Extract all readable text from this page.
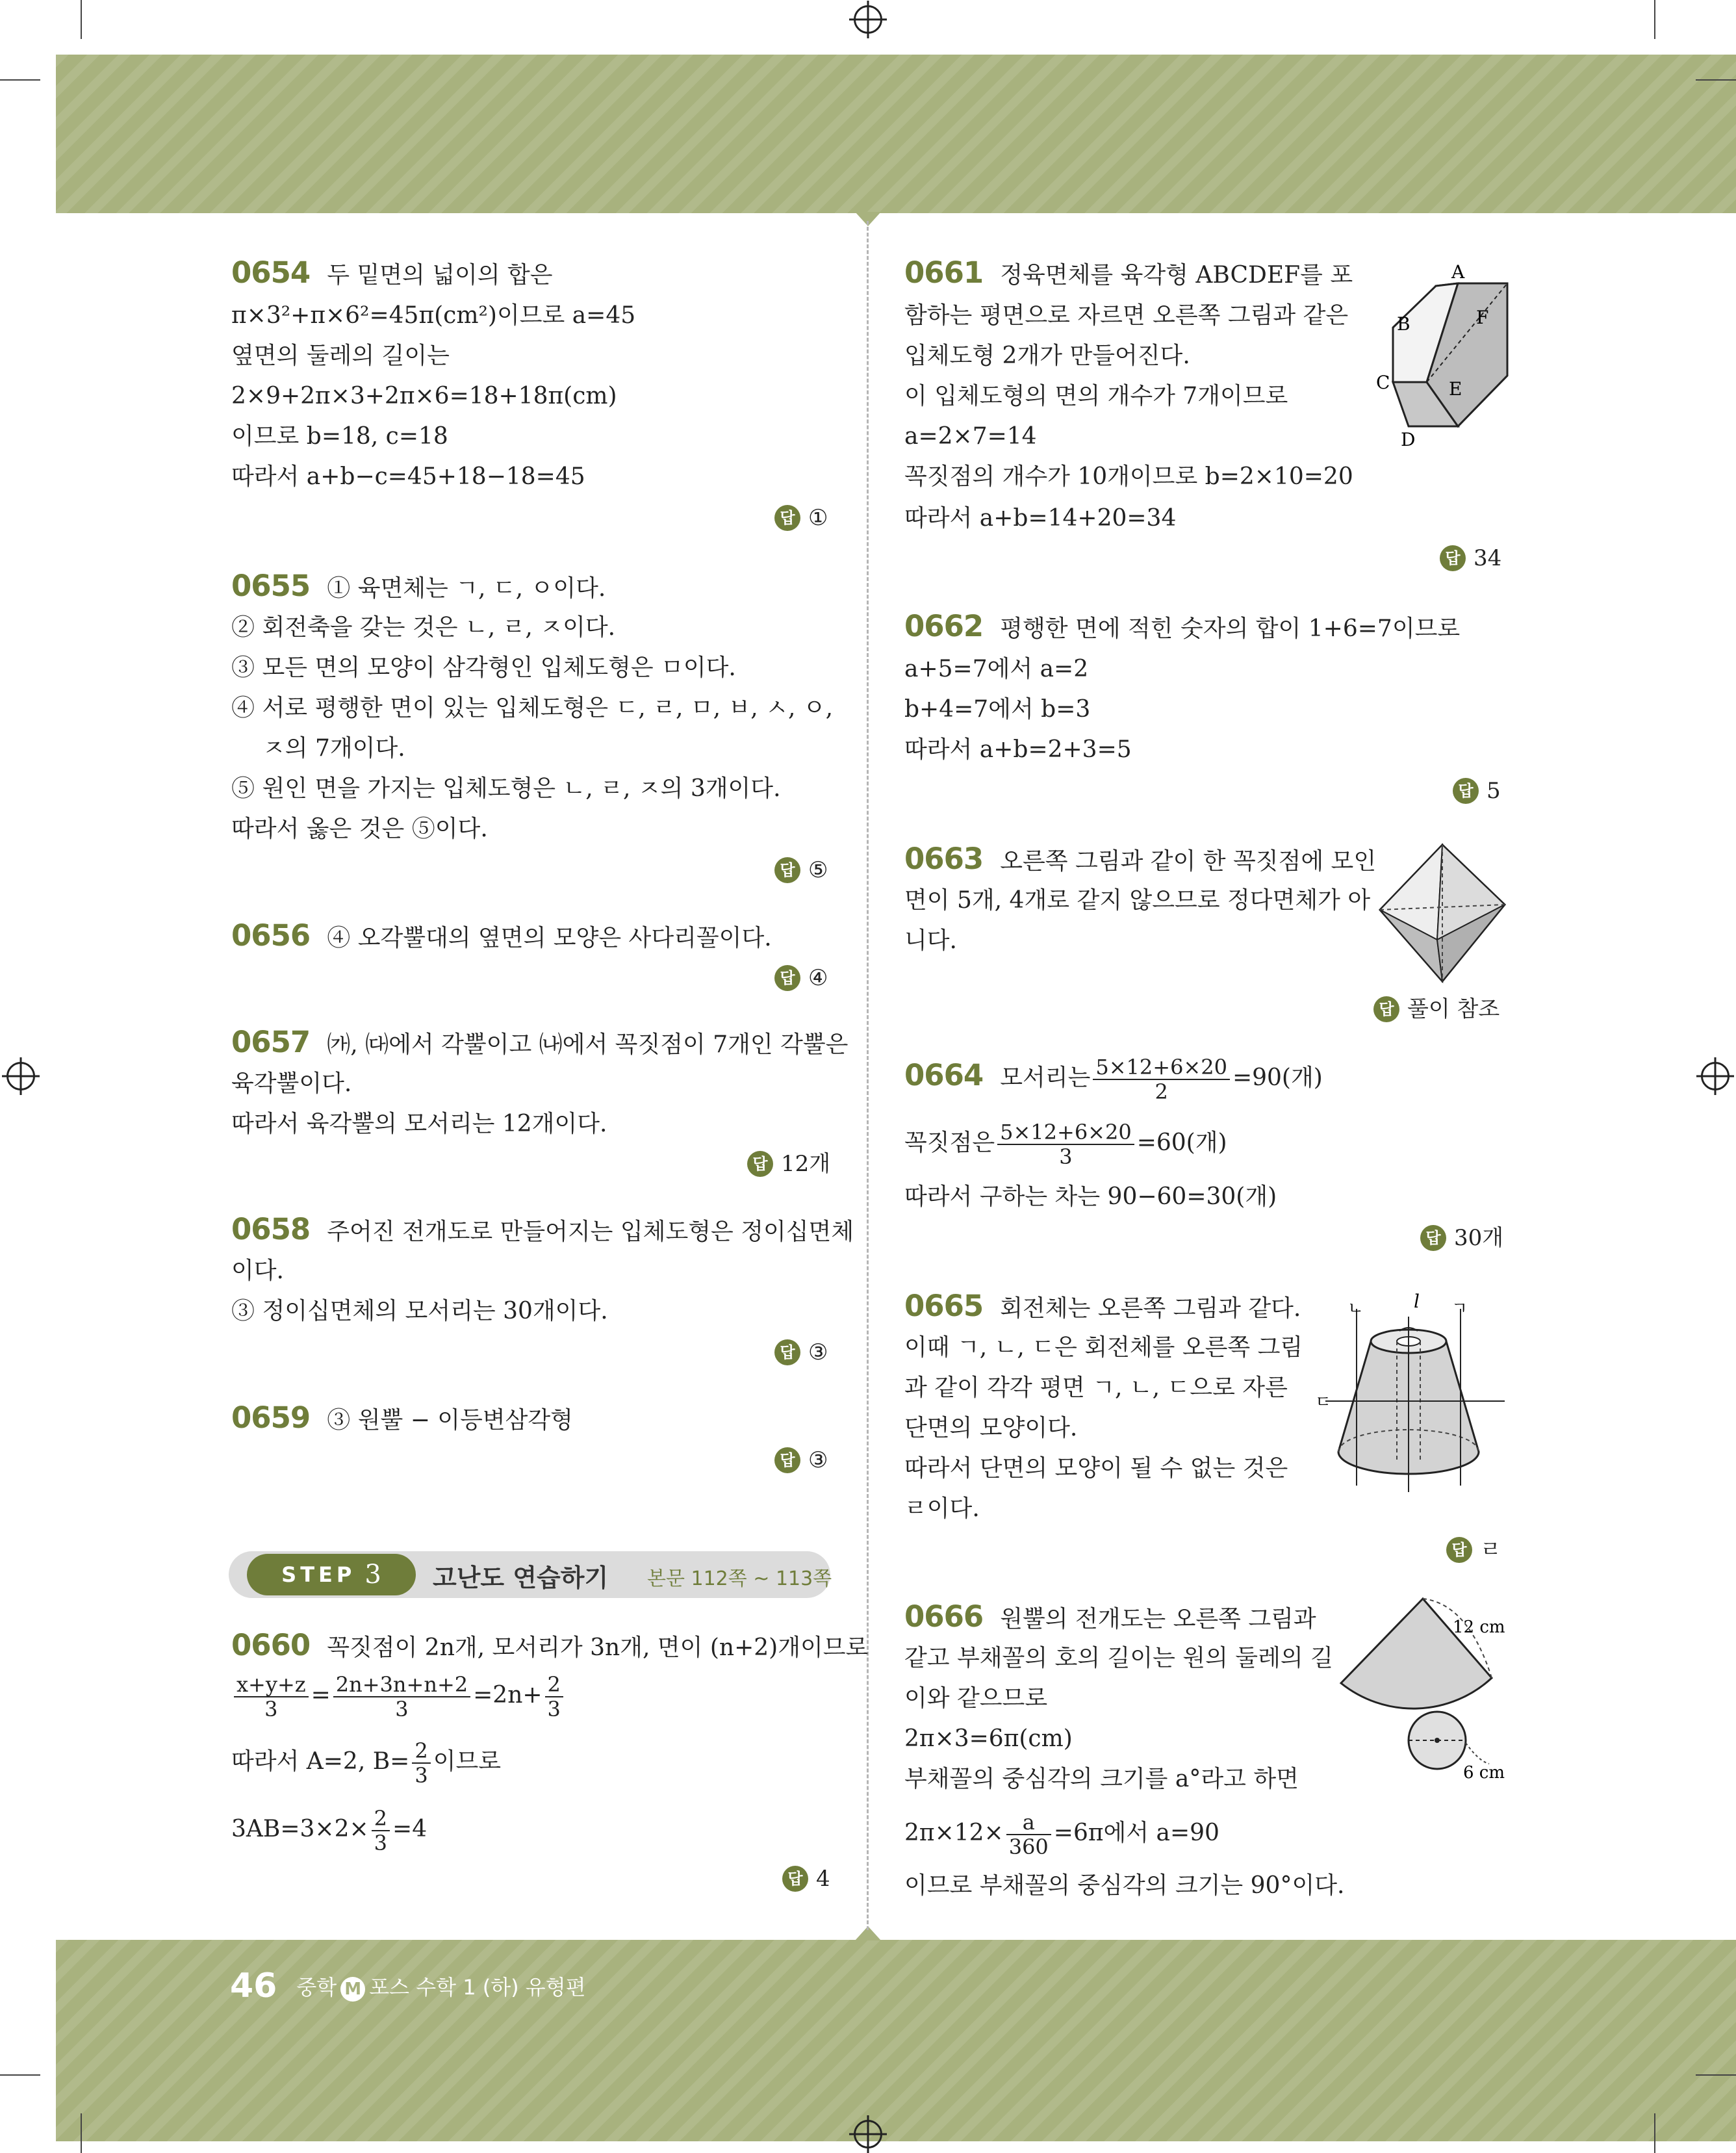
0654 두 밑면의 넓이의 합은
π×3²+π×6²=45π(cm²)이므로 a=45
옆면의 둘레의 길이는
2×9+2π×3+2π×6=18+18π(cm)
이므로 b=18, c=18
따라서 a+b−c=45+18−18=45
답 ①
0655 ① 육면체는 ㄱ, ㄷ, ㅇ이다.
② 회전축을 갖는 것은 ㄴ, ㄹ, ㅈ이다.
③ 모든 면의 모양이 삼각형인 입체도형은 ㅁ이다.
④ 서로 평행한 면이 있는 입체도형은 ㄷ, ㄹ, ㅁ, ㅂ, ㅅ, ㅇ,
ㅈ의 7개이다.
⑤ 원인 면을 가지는 입체도형은 ㄴ, ㄹ, ㅈ의 3개이다.
따라서 옳은 것은 ⑤이다.
답 ⑤
0656 ④ 오각뿔대의 옆면의 모양은 사다리꼴이다.
답 ④
0657 ㈎, ㈐에서 각뿔이고 ㈏에서 꼭짓점이 7개인 각뿔은
육각뿔이다.
따라서 육각뿔의 모서리는 12개이다.
답 12개
0658 주어진 전개도로 만들어지는 입체도형은 정이십면체
이다.
③ 정이십면체의 모서리는 30개이다.
답 ③
0659 ③ 원뿔 − 이등변삼각형
답 ③
STEP 3 고난도 연습하기 본문 112쪽 ~ 113쪽
0660 꼭짓점이 2n개, 모서리가 3n개, 면이 (n+2)개이므로
$\frac{x+y+z}{3} = \frac{2n+3n+n+2}{3} =2n+ \frac{2}{3}$
따라서 A=2, $B= \frac{2}{3}$ 이므로
$3AB=3\times 2\times \frac{2}{3} =4$
답 4
0661 정육면체를 육각형 ABCDEF를 포
함하는 평면으로 자르면 오른쪽 그림과 같은
입체도형 2개가 만들어진다.
이 입체도형의 면의 개수가 7개이므로
a=2×7=14
꼭짓점의 개수가 10개이므로 b=2×10=20
따라서 a+b=14+20=34
답 34
A
B
C
D
E
F
0662 평행한 면에 적힌 숫자의 합이 1+6=7이므로
a+5=7에서 a=2
b+4=7에서 b=3
따라서 a+b=2+3=5
답 5
0663 오른쪽 그림과 같이 한 꼭짓점에 모인
면이 5개, 4개로 같지 않으므로 정다면체가 아
니다.
답 풀이 참조
0664 모서리는 $\frac{5\times 12+6\times 20}{2} =90$(개)
꼭짓점은 $\frac{5\times 12+6\times 20}{3} =60$(개)
따라서 구하는 차는 90−60=30(개)
답 30개
0665 회전체는 오른쪽 그림과 같다.
이때 ㄱ, ㄴ, ㄷ은 회전체를 오른쪽 그림
과 같이 각각 평면 ㄱ, ㄴ, ㄷ으로 자른
단면의 모양이다.
따라서 단면의 모양이 될 수 없는 것은
ㄹ이다.
답 ㄹ
ㄴ	l ㄱ
ㄷ
0666 원뿔의 전개도는 오른쪽 그림과
같고 부채꼴의 호의 길이는 원의 둘레의 길
이와 같으므로
2π×3=6π(cm)
부채꼴의 중심각의 크기를 a°라고 하면
$2\pi\times 12\times \frac{a}{360} =6\pi$에서 a=90
이므로 부채꼴의 중심각의 크기는 90°이다.
12 cm
6 cm
46 중학 M 포스 수학 1 (하) 유형편
